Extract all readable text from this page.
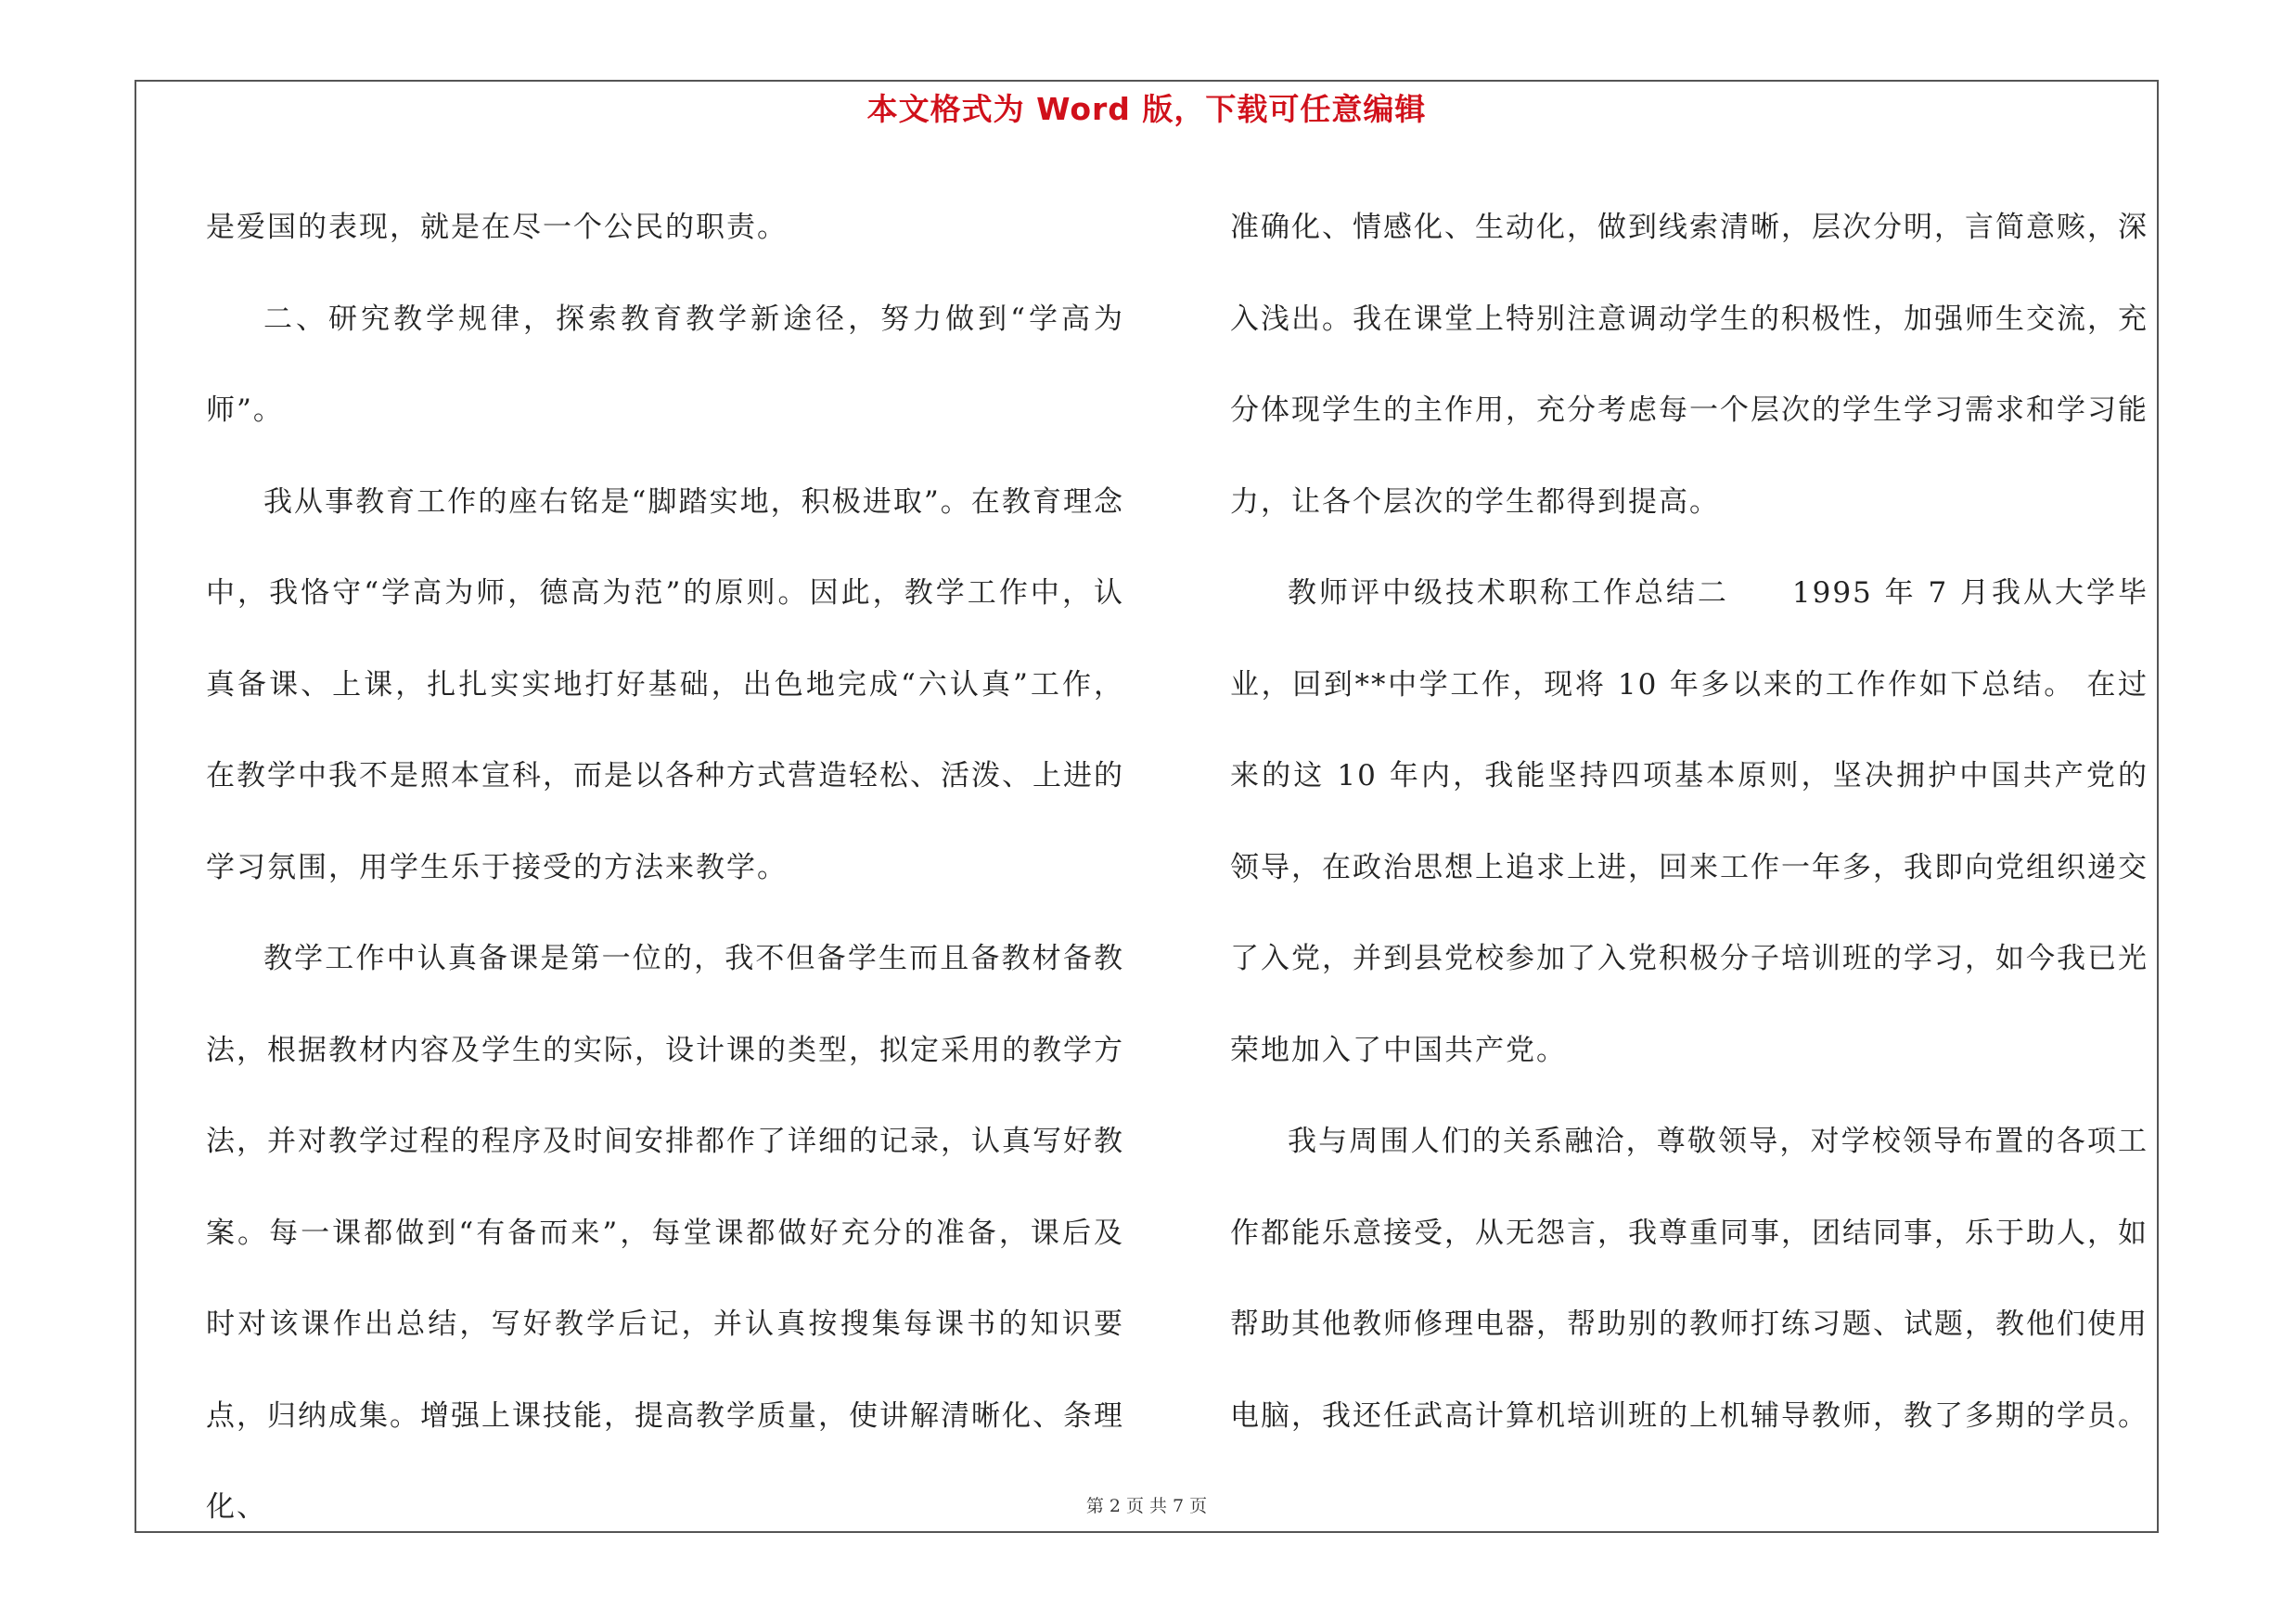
本文格式为 Word 版，下载可任意编辑

是爱国的表现，就是在尽一个公民的职责。

二、研究教学规律，探索教育教学新途径，努力做到“学高为师”。

我从事教育工作的座右铭是“脚踏实地，积极进取”。在教育理念中，我恪守“学高为师，德高为范”的原则。因此，教学工作中，认真备课、上课，扎扎实实地打好基础，出色地完成“六认真”工作，在教学中我不是照本宣科，而是以各种方式营造轻松、活泼、上进的学习氛围，用学生乐于接受的方法来教学。

教学工作中认真备课是第一位的，我不但备学生而且备教材备教法，根据教材内容及学生的实际，设计课的类型，拟定采用的教学方法，并对教学过程的程序及时间安排都作了详细的记录，认真写好教案。每一课都做到“有备而来”，每堂课都做好充分的准备，课后及时对该课作出总结，写好教学后记，并认真按搜集每课书的知识要点，归纳成集。增强上课技能，提高教学质量，使讲解清晰化、条理化、

准确化、情感化、生动化，做到线索清晰，层次分明，言简意赅，深入浅出。我在课堂上特别注意调动学生的积极性，加强师生交流，充分体现学生的主作用，充分考虑每一个层次的学生学习需求和学习能力，让各个层次的学生都得到提高。

教师评中级技术职称工作总结二　　1995 年 7 月我从大学毕业，回到**中学工作，现将 10 年多以来的工作作如下总结。 在过来的这 10 年内，我能坚持四项基本原则，坚决拥护中国共产党的领导，在政治思想上追求上进，回来工作一年多，我即向党组织递交了入党，并到县党校参加了入党积极分子培训班的学习，如今我已光荣地加入了中国共产党。

我与周围人们的关系融洽，尊敬领导，对学校领导布置的各项工作都能乐意接受，从无怨言，我尊重同事，团结同事，乐于助人，如帮助其他教师修理电器，帮助别的教师打练习题、试题，教他们使用电脑，我还任武高计算机培训班的上机辅导教师，教了多期的学员。

第 2 页 共 7 页
